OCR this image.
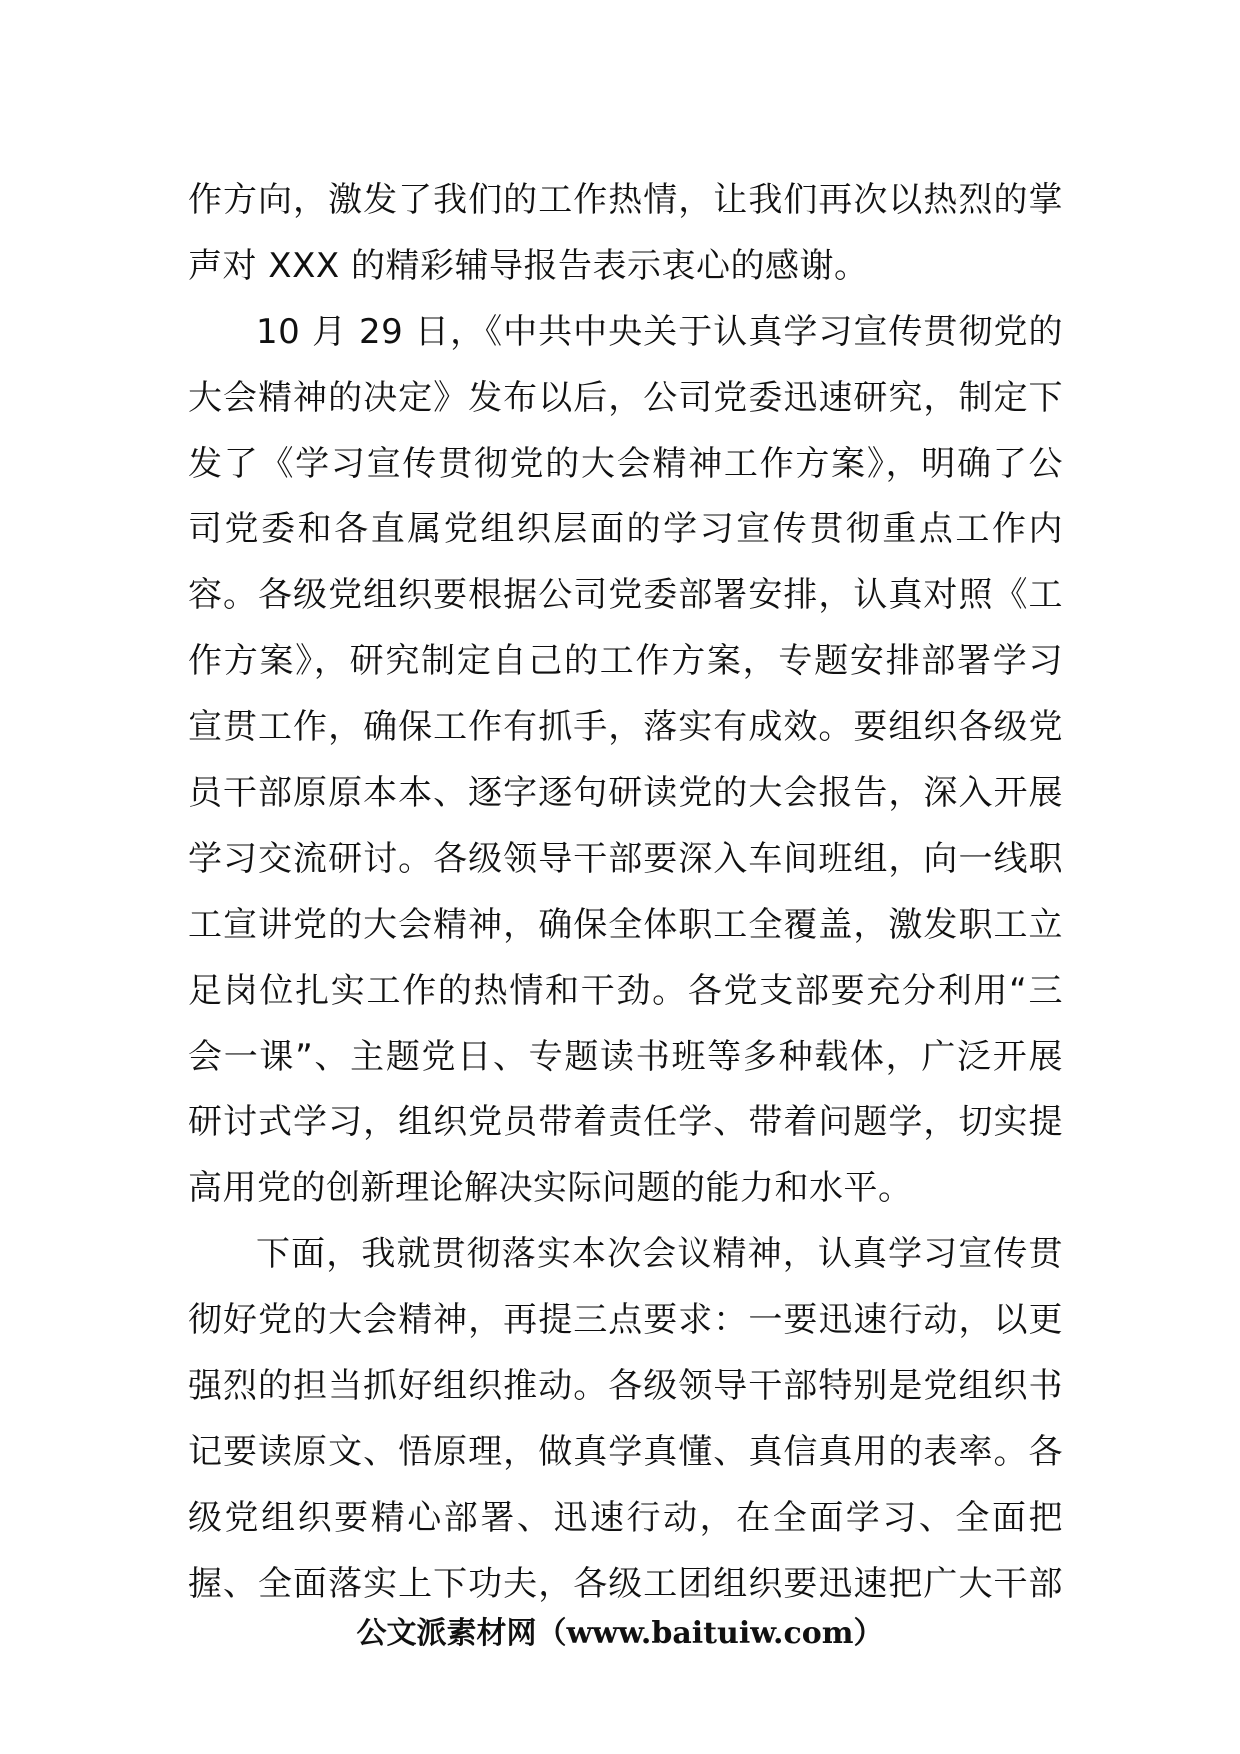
作方向，激发了我们的工作热情，让我们再次以热烈的掌
声对 XXX 的精彩辅导报告表示衷心的感谢。
10 月 29 日，《中共中央关于认真学习宣传贯彻党的
大会精神的决定》发布以后，公司党委迅速研究，制定下
发了《学习宣传贯彻党的大会精神工作方案》，明确了公
司党委和各直属党组织层面的学习宣传贯彻重点工作内
容。各级党组织要根据公司党委部署安排，认真对照《工
作方案》，研究制定自己的工作方案，专题安排部署学习
宣贯工作，确保工作有抓手，落实有成效。要组织各级党
员干部原原本本、逐字逐句研读党的大会报告，深入开展
学习交流研讨。各级领导干部要深入车间班组，向一线职
工宣讲党的大会精神，确保全体职工全覆盖，激发职工立
足岗位扎实工作的热情和干劲。各党支部要充分利用“三
会一课”、主题党日、专题读书班等多种载体，广泛开展
研讨式学习，组织党员带着责任学、带着问题学，切实提
高用党的创新理论解决实际问题的能力和水平。
下面，我就贯彻落实本次会议精神，认真学习宣传贯
彻好党的大会精神，再提三点要求：一要迅速行动，以更
强烈的担当抓好组织推动。各级领导干部特别是党组织书
记要读原文、悟原理，做真学真懂、真信真用的表率。各
级党组织要精心部署、迅速行动，在全面学习、全面把
握、全面落实上下功夫，各级工团组织要迅速把广大干部
公文派素材网（www.baituiw.com）
